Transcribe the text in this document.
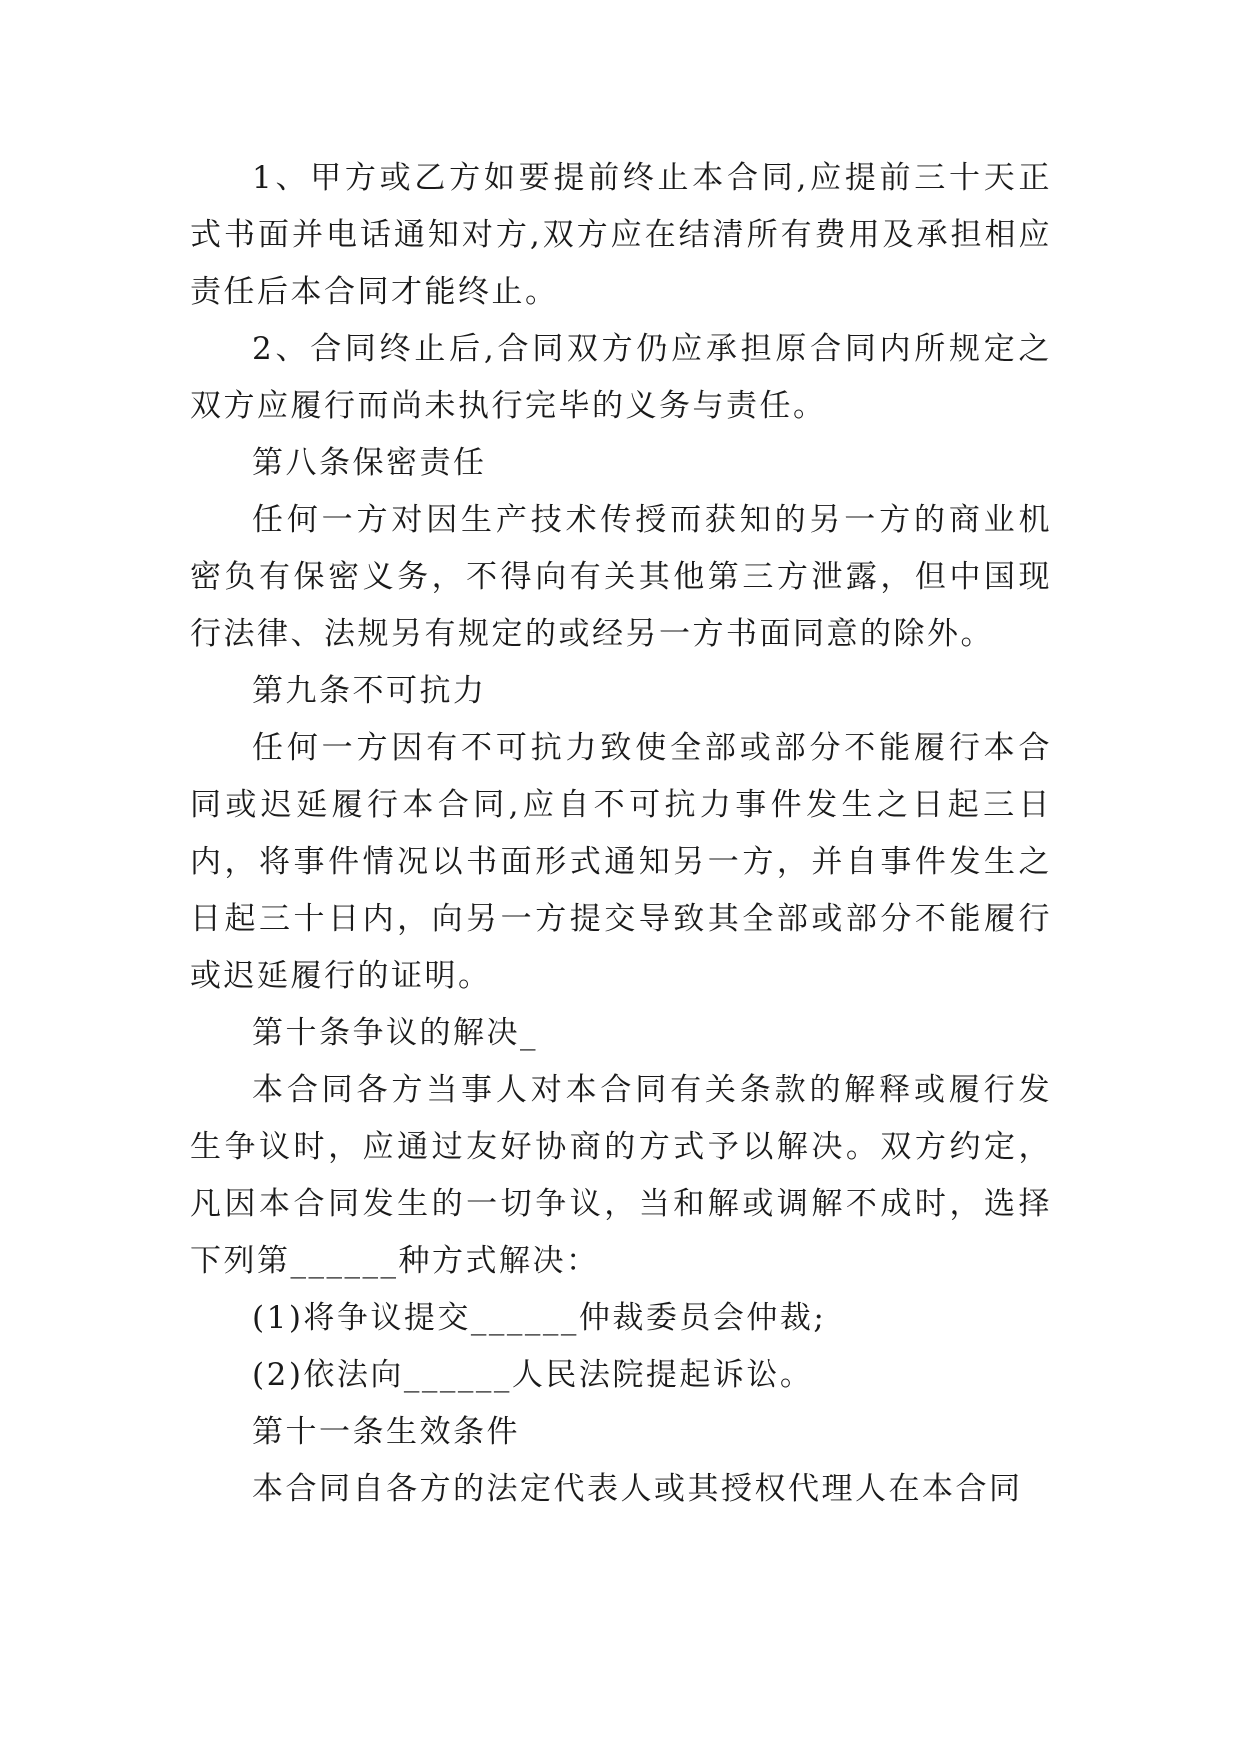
1、甲方或乙方如要提前终止本合同,应提前三十天正式书面并电话通知对方,双方应在结清所有费用及承担相应责任后本合同才能终止。

2、合同终止后,合同双方仍应承担原合同内所规定之双方应履行而尚未执行完毕的义务与责任。

第八条保密责任

任何一方对因生产技术传授而获知的另一方的商业机密负有保密义务，不得向有关其他第三方泄露，但中国现行法律、法规另有规定的或经另一方书面同意的除外。

第九条不可抗力

任何一方因有不可抗力致使全部或部分不能履行本合同或迟延履行本合同,应自不可抗力事件发生之日起三日内，将事件情况以书面形式通知另一方，并自事件发生之日起三十日内，向另一方提交导致其全部或部分不能履行或迟延履行的证明。

第十条争议的解决_

本合同各方当事人对本合同有关条款的解释或履行发生争议时，应通过友好协商的方式予以解决。双方约定，凡因本合同发生的一切争议，当和解或调解不成时，选择下列第______种方式解决：

(1)将争议提交______仲裁委员会仲裁;

(2)依法向______人民法院提起诉讼。

第十一条生效条件

本合同自各方的法定代表人或其授权代理人在本合同
